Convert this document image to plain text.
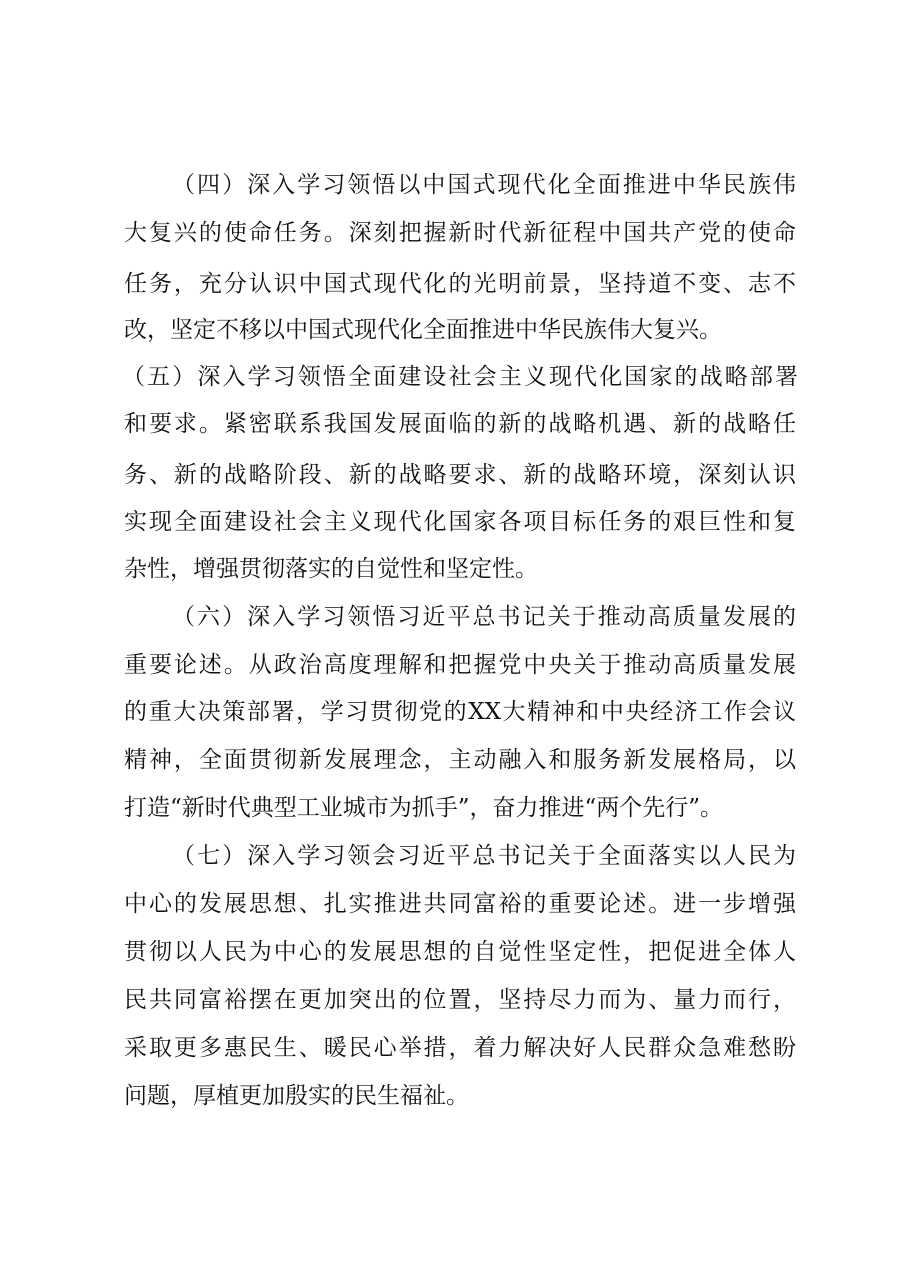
（四）深入学习领悟以中国式现代化全面推进中华民族伟
大复兴的使命任务。深刻把握新时代新征程中国共产党的使命
任务，充分认识中国式现代化的光明前景，坚持道不变、志不
改，坚定不移以中国式现代化全面推进中华民族伟大复兴。
（五）深入学习领悟全面建设社会主义现代化国家的战略部署
和要求。紧密联系我国发展面临的新的战略机遇、新的战略任
务、新的战略阶段、新的战略要求、新的战略环境，深刻认识
实现全面建设社会主义现代化国家各项目标任务的艰巨性和复
杂性，增强贯彻落实的自觉性和坚定性。
（六）深入学习领悟习近平总书记关于推动高质量发展的
重要论述。从政治高度理解和把握党中央关于推动高质量发展
的重大决策部署，学习贯彻党的XX大精神和中央经济工作会议
精神，全面贯彻新发展理念，主动融入和服务新发展格局，以
打造“新时代典型工业城市为抓手”，奋力推进“两个先行”。
（七）深入学习领会习近平总书记关于全面落实以人民为
中心的发展思想、扎实推进共同富裕的重要论述。进一步增强
贯彻以人民为中心的发展思想的自觉性坚定性，把促进全体人
民共同富裕摆在更加突出的位置，坚持尽力而为、量力而行，
采取更多惠民生、暖民心举措，着力解决好人民群众急难愁盼
问题，厚植更加殷实的民生福祉。
